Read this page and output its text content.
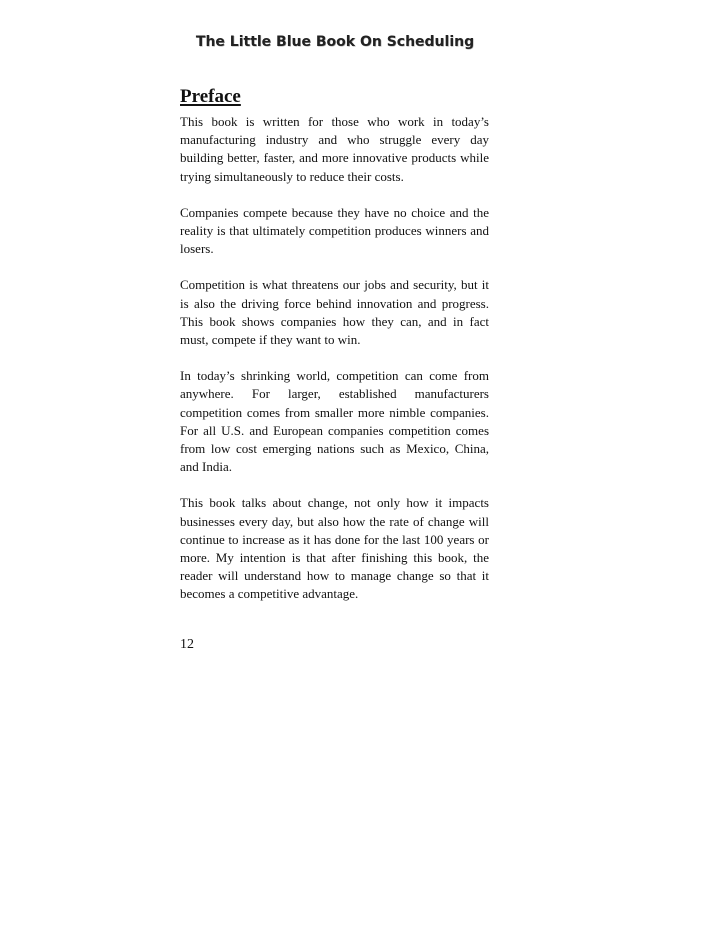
The Little Blue Book On Scheduling
Preface

This book is written for those who work in today’s manufacturing industry and who struggle every day building better, faster, and more innovative products while trying simultaneously to reduce their costs.

Companies compete because they have no choice and the reality is that ultimately competition produces winners and losers.

Competition is what threatens our jobs and security, but it is also the driving force behind innovation and progress. This book shows companies how they can, and in fact must, compete if they want to win.

In today’s shrinking world, competition can come from anywhere. For larger, established manufacturers competition comes from smaller more nimble companies. For all U.S. and European companies competition comes from low cost emerging nations such as Mexico, China, and India.

This book talks about change, not only how it impacts businesses every day, but also how the rate of change will continue to increase as it has done for the last 100 years or more. My intention is that after finishing this book, the reader will understand how to manage change so that it becomes a competitive advantage.

12
